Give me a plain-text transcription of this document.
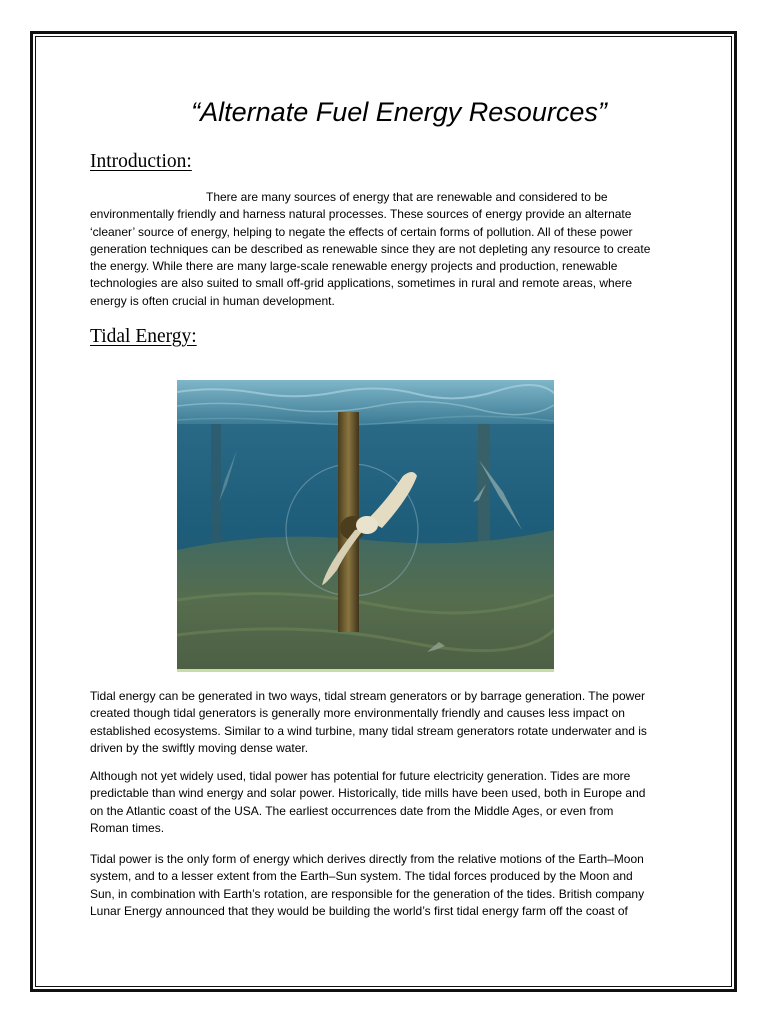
“Alternate Fuel Energy Resources”
Introduction:
There are many sources of energy that are renewable and considered to be
environmentally friendly and harness natural processes. These sources of energy provide an alternate
‘cleaner’ source of energy, helping to negate the effects of certain forms of pollution. All of these power
generation techniques can be described as renewable since they are not depleting any resource to create
the energy. While there are many large-scale renewable energy projects and production, renewable
technologies are also suited to small off-grid applications, sometimes in rural and remote areas, where
energy is often crucial in human development.
Tidal Energy:
Tidal energy can be generated in two ways, tidal stream generators or by barrage generation. The power
created though tidal generators is generally more environmentally friendly and causes less impact on
established ecosystems. Similar to a wind turbine, many tidal stream generators rotate underwater and is
driven by the swiftly moving dense water.
Although not yet widely used, tidal power has potential for future electricity generation. Tides are more
predictable than wind energy and solar power. Historically, tide mills have been used, both in Europe and
on the Atlantic coast of the USA. The earliest occurrences date from the Middle Ages, or even from
Roman times.
Tidal power is the only form of energy which derives directly from the relative motions of the Earth–Moon
system, and to a lesser extent from the Earth–Sun system. The tidal forces produced by the Moon and
Sun, in combination with Earth’s rotation, are responsible for the generation of the tides. British company
Lunar Energy announced that they would be building the world’s first tidal energy farm off the coast of
